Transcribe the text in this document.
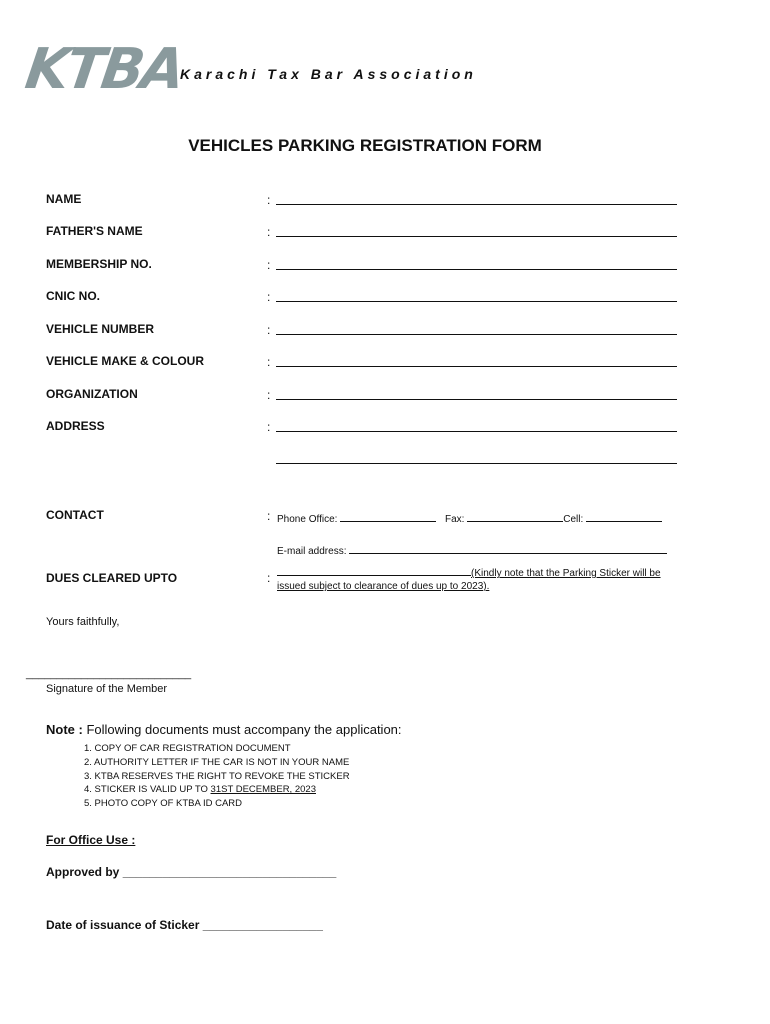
KTBA
Karachi Tax Bar Association
VEHICLES PARKING REGISTRATION FORM
NAME	:
FATHER'S NAME	:
MEMBERSHIP NO.	:
CNIC NO.	:
VEHICLE NUMBER	:
VEHICLE MAKE & COLOUR	:
ORGANIZATION	:
ADDRESS	:
CONTACT	: Phone Office:	Fax:	Cell:
E-mail address:
DUES CLEARED UPTO	:	(Kindly note that the Parking Sticker will be
issued subject to clearance of dues up to 2023).
Yours faithfully,
___________________________
Signature of the Member
Note : Following documents must accompany the application:
1. COPY OF CAR REGISTRATION DOCUMENT
2. AUTHORITY LETTER IF THE CAR IS NOT IN YOUR NAME
3. KTBA RESERVES THE RIGHT TO REVOKE THE STICKER
4. STICKER IS VALID UP TO 31ST DECEMBER, 2023
5. PHOTO COPY OF KTBA ID CARD
For Office Use :
Approved by ________________________________
Date of issuance of Sticker __________________
